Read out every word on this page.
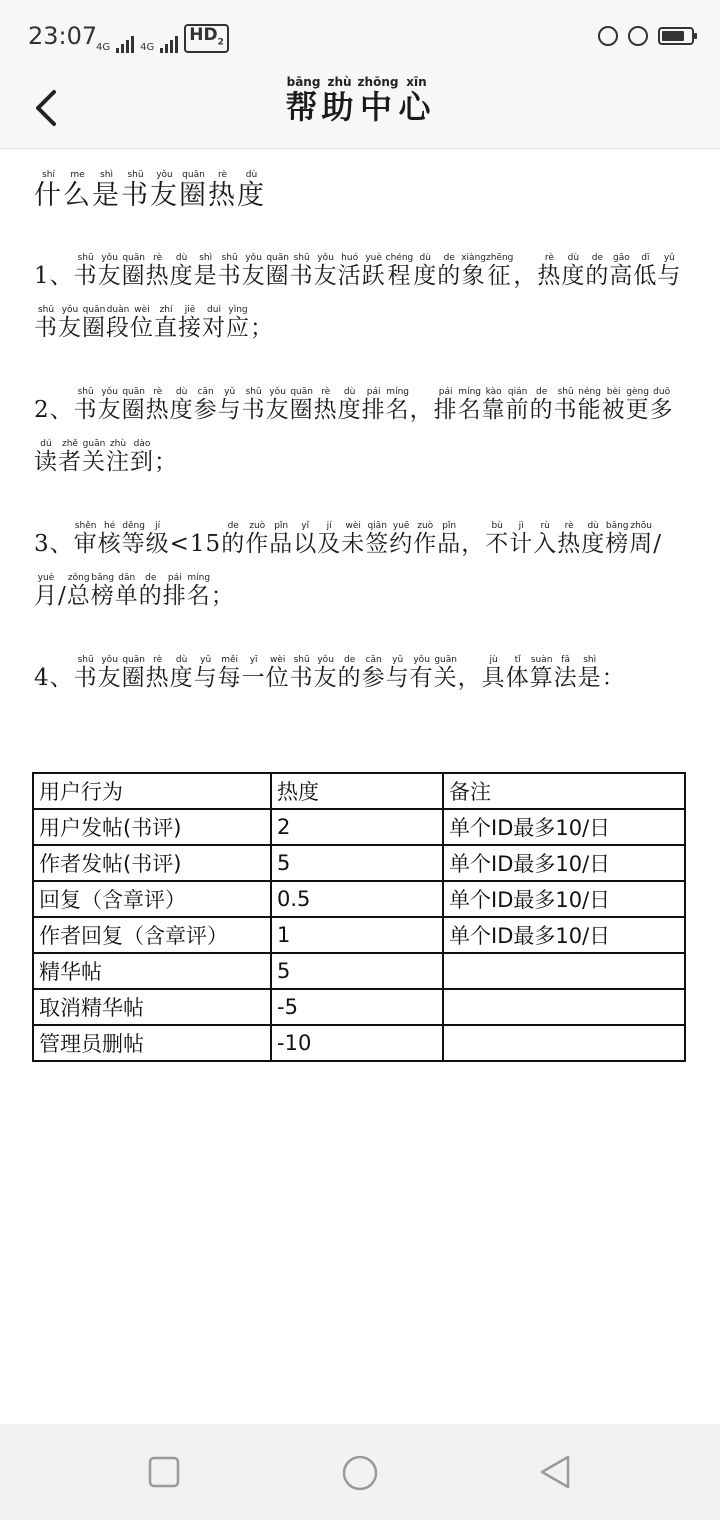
23:07
4G	4G
$HD_2$
帮bāng助zhù中zhōng心xīn

什shí么me是shì书shū友yǒu圈quān热rè度dù

1、书shū友yǒu圈quān热rè度dù是shì书shū友yǒu圈quān书shū友yǒu活huó跃yuè程chéng度dù的de象xiàng征zhēng，热rè度dù的de高gāo低dī与yǔ书shū友yǒu圈quān段duàn位wèi直zhí接jiē对duì应yìng；

2、书shū友yǒu圈quān热rè度dù参cān与yǔ书shū友yǒu圈quān热rè度dù排pái名míng，排pái名míng靠kào前qián的de书shū能néng被bèi更gèng多duō读dú者zhě关guān注zhù到dào；

3、审shěn核hé等děng级jí<15的de作zuò品pǐn以yǐ及jí未wèi签qiān约yuē作zuò品pǐn，不bù计jì入rù热rè度dù榜bǎng周zhōu/月yuè/总zǒng榜bǎng单dān的de排pái名míng；

4、书shū友yǒu圈quān热rè度dù与yǔ每měi一yī位wèi书shū友yǒu的de参cān与yǔ有yǒu关guān，具jù体tǐ算suàn法fǎ是shì：

用户行为	热度	备注
用户发帖(书评)	2	单个ID最多10/日
作者发帖(书评)	5	单个ID最多10/日
回复（含章评）	0.5	单个ID最多10/日
作者回复（含章评）	1	单个ID最多10/日
精华帖	5	
取消精华帖	-5	
管理员删帖	-10	
